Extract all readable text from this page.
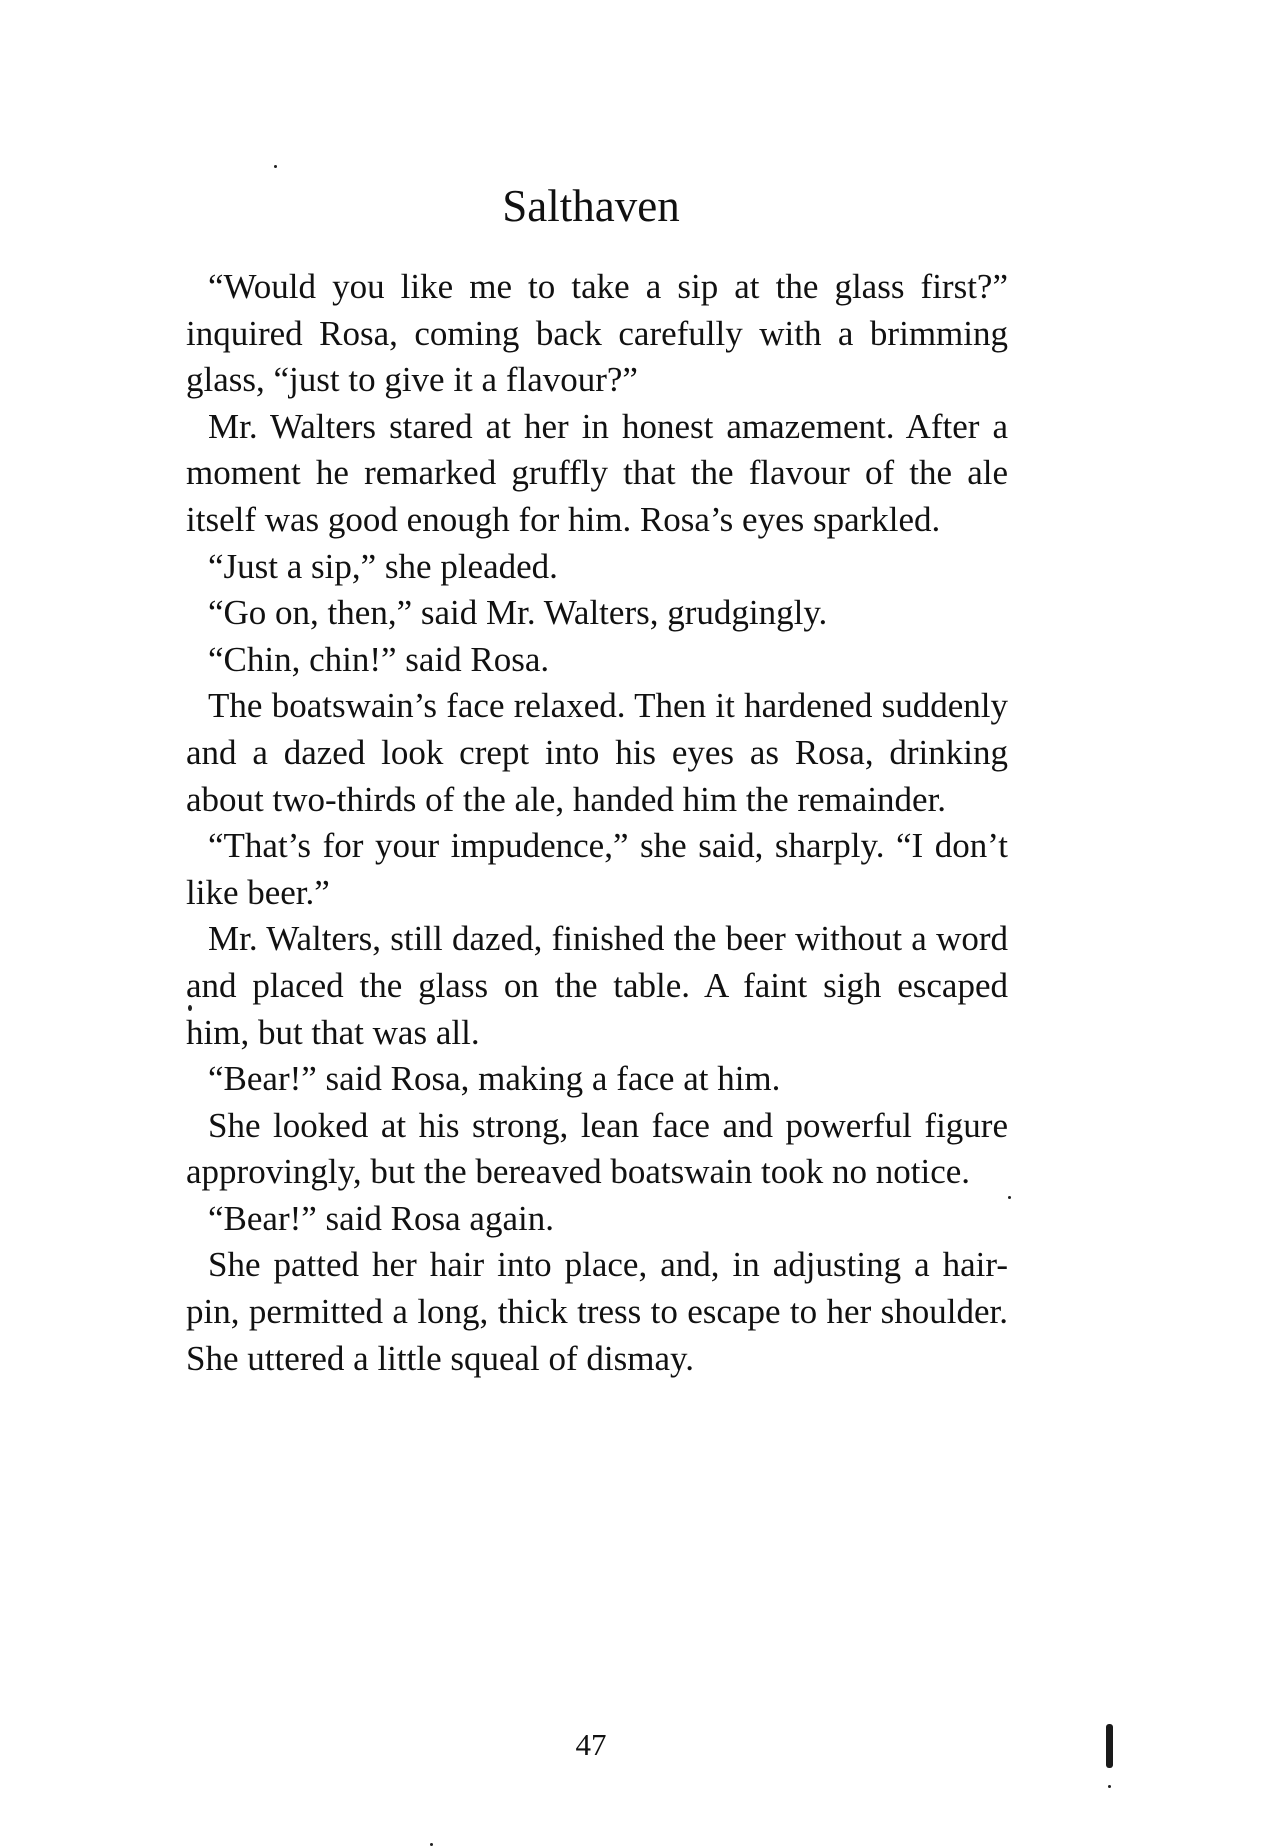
Salthaven

“Would you like me to take a sip at the glass first?” inquired Rosa, coming back carefully with a brimming glass, “just to give it a flavour?”

Mr. Walters stared at her in honest amazement. After a moment he remarked gruffly that the flavour of the ale itself was good enough for him. Rosa’s eyes sparkled.

“Just a sip,” she pleaded.

“Go on, then,” said Mr. Walters, grudgingly.

“Chin, chin!” said Rosa.

The boatswain’s face relaxed. Then it hardened suddenly and a dazed look crept into his eyes as Rosa, drinking about two-thirds of the ale, handed him the remainder.

“That’s for your impudence,” she said, sharply. “I don’t like beer.”

Mr. Walters, still dazed, finished the beer without a word and placed the glass on the table. A faint sigh escaped him, but that was all.

“Bear!” said Rosa, making a face at him.

She looked at his strong, lean face and powerful figure approvingly, but the bereaved boatswain took no notice.

“Bear!” said Rosa again.

She patted her hair into place, and, in adjusting a hair-pin, permitted a long, thick tress to escape to her shoulder. She uttered a little squeal of dismay.

47
